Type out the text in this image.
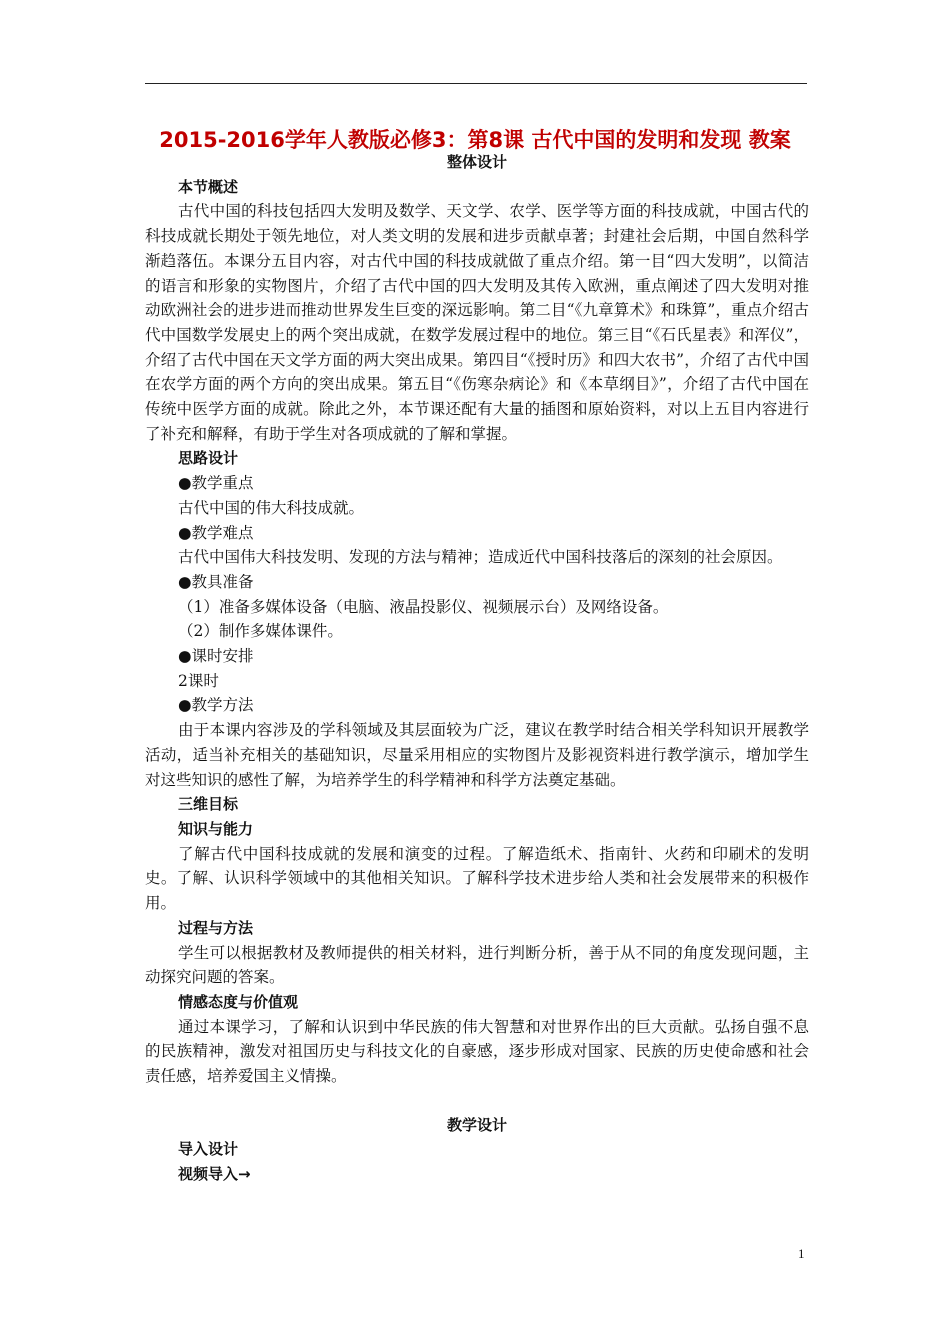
2015-2016学年人教版必修3：第8课 古代中国的发明和发现 教案
整体设计
本节概述

古代中国的科技包括四大发明及数学、天文学、农学、医学等方面的科技成就，中国古代的科技成就长期处于领先地位，对人类文明的发展和进步贡献卓著；封建社会后期，中国自然科学渐趋落伍。本课分五目内容，对古代中国的科技成就做了重点介绍。第一目“四大发明”，以简洁的语言和形象的实物图片，介绍了古代中国的四大发明及其传入欧洲，重点阐述了四大发明对推动欧洲社会的进步进而推动世界发生巨变的深远影响。第二目“《九章算术》和珠算”，重点介绍古代中国数学发展史上的两个突出成就，在数学发展过程中的地位。第三目“《石氏星表》和浑仪”，介绍了古代中国在天文学方面的两大突出成果。第四目“《授时历》和四大农书”，介绍了古代中国在农学方面的两个方向的突出成果。第五目“《伤寒杂病论》和《本草纲目》”，介绍了古代中国在传统中医学方面的成就。除此之外，本节课还配有大量的插图和原始资料，对以上五目内容进行了补充和解释，有助于学生对各项成就的了解和掌握。

思路设计
●教学重点
古代中国的伟大科技成就。
●教学难点
古代中国伟大科技发明、发现的方法与精神；造成近代中国科技落后的深刻的社会原因。
●教具准备
（1）准备多媒体设备（电脑、液晶投影仪、视频展示台）及网络设备。
（2）制作多媒体课件。
●课时安排
2课时
●教学方法

由于本课内容涉及的学科领域及其层面较为广泛，建议在教学时结合相关学科知识开展教学活动，适当补充相关的基础知识，尽量采用相应的实物图片及影视资料进行教学演示，增加学生对这些知识的感性了解，为培养学生的科学精神和科学方法奠定基础。

三维目标
知识与能力

了解古代中国科技成就的发展和演变的过程。了解造纸术、指南针、火药和印刷术的发明史。了解、认识科学领域中的其他相关知识。了解科学技术进步给人类和社会发展带来的积极作用。

过程与方法

学生可以根据教材及教师提供的相关材料，进行判断分析，善于从不同的角度发现问题，主动探究问题的答案。

情感态度与价值观

通过本课学习，了解和认识到中华民族的伟大智慧和对世界作出的巨大贡献。弘扬自强不息的民族精神，激发对祖国历史与科技文化的自豪感，逐步形成对国家、民族的历史使命感和社会责任感，培养爱国主义情操。

教学设计
导入设计
视频导入→
1
